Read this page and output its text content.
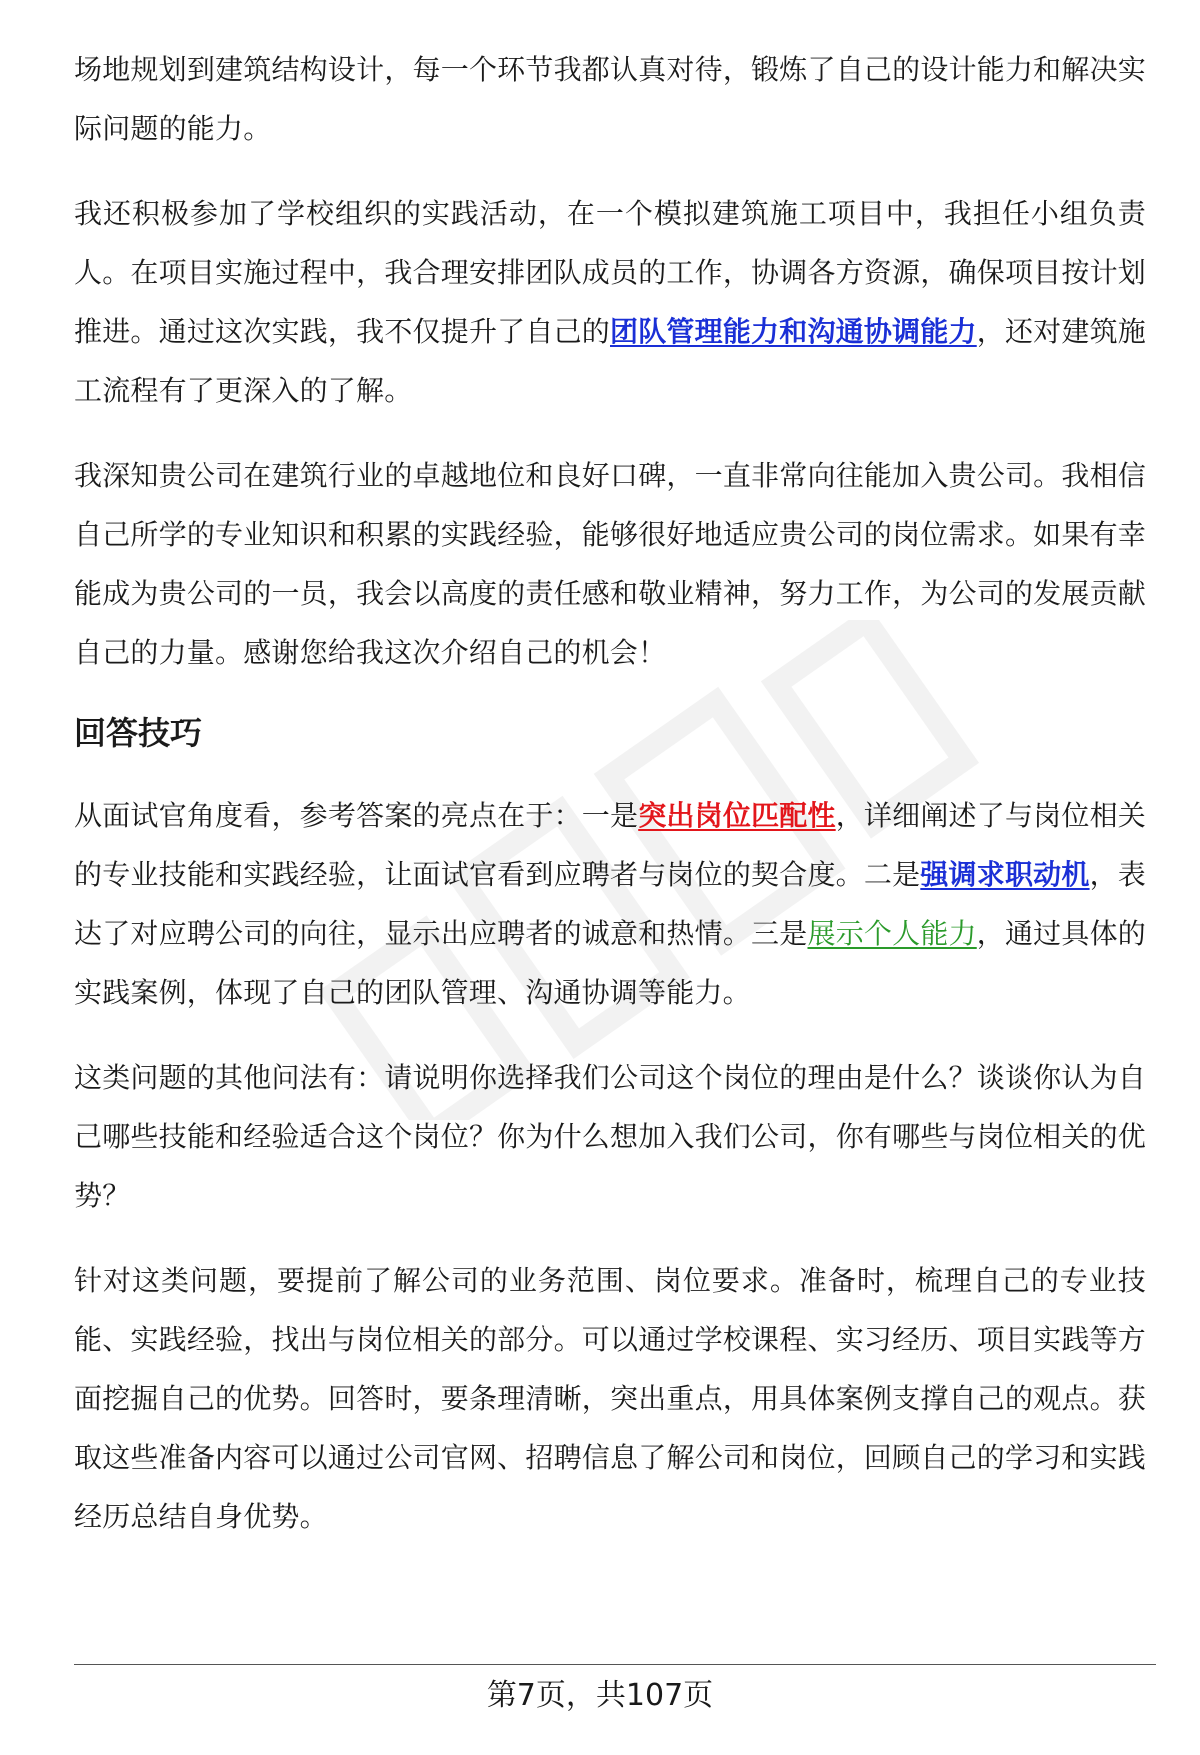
场地规划到建筑结构设计，每一个环节我都认真对待，锻炼了自己的设计能力和解决实际问题的能力。

我还积极参加了学校组织的实践活动，在一个模拟建筑施工项目中，我担任小组负责人。在项目实施过程中，我合理安排团队成员的工作，协调各方资源，确保项目按计划推进。通过这次实践，我不仅提升了自己的团队管理能力和沟通协调能力，还对建筑施工流程有了更深入的了解。

我深知贵公司在建筑行业的卓越地位和良好口碑，一直非常向往能加入贵公司。我相信自己所学的专业知识和积累的实践经验，能够很好地适应贵公司的岗位需求。如果有幸能成为贵公司的一员，我会以高度的责任感和敬业精神，努力工作，为公司的发展贡献自己的力量。感谢您给我这次介绍自己的机会！

回答技巧

从面试官角度看，参考答案的亮点在于：一是突出岗位匹配性，详细阐述了与岗位相关的专业技能和实践经验，让面试官看到应聘者与岗位的契合度。二是强调求职动机，表达了对应聘公司的向往，显示出应聘者的诚意和热情。三是展示个人能力，通过具体的实践案例，体现了自己的团队管理、沟通协调等能力。

这类问题的其他问法有：请说明你选择我们公司这个岗位的理由是什么？谈谈你认为自己哪些技能和经验适合这个岗位？你为什么想加入我们公司，你有哪些与岗位相关的优势？

针对这类问题，要提前了解公司的业务范围、岗位要求。准备时，梳理自己的专业技能、实践经验，找出与岗位相关的部分。可以通过学校课程、实习经历、项目实践等方面挖掘自己的优势。回答时，要条理清晰，突出重点，用具体案例支撑自己的观点。获取这些准备内容可以通过公司官网、招聘信息了解公司和岗位，回顾自己的学习和实践经历总结自身优势。

第7页，共107页
